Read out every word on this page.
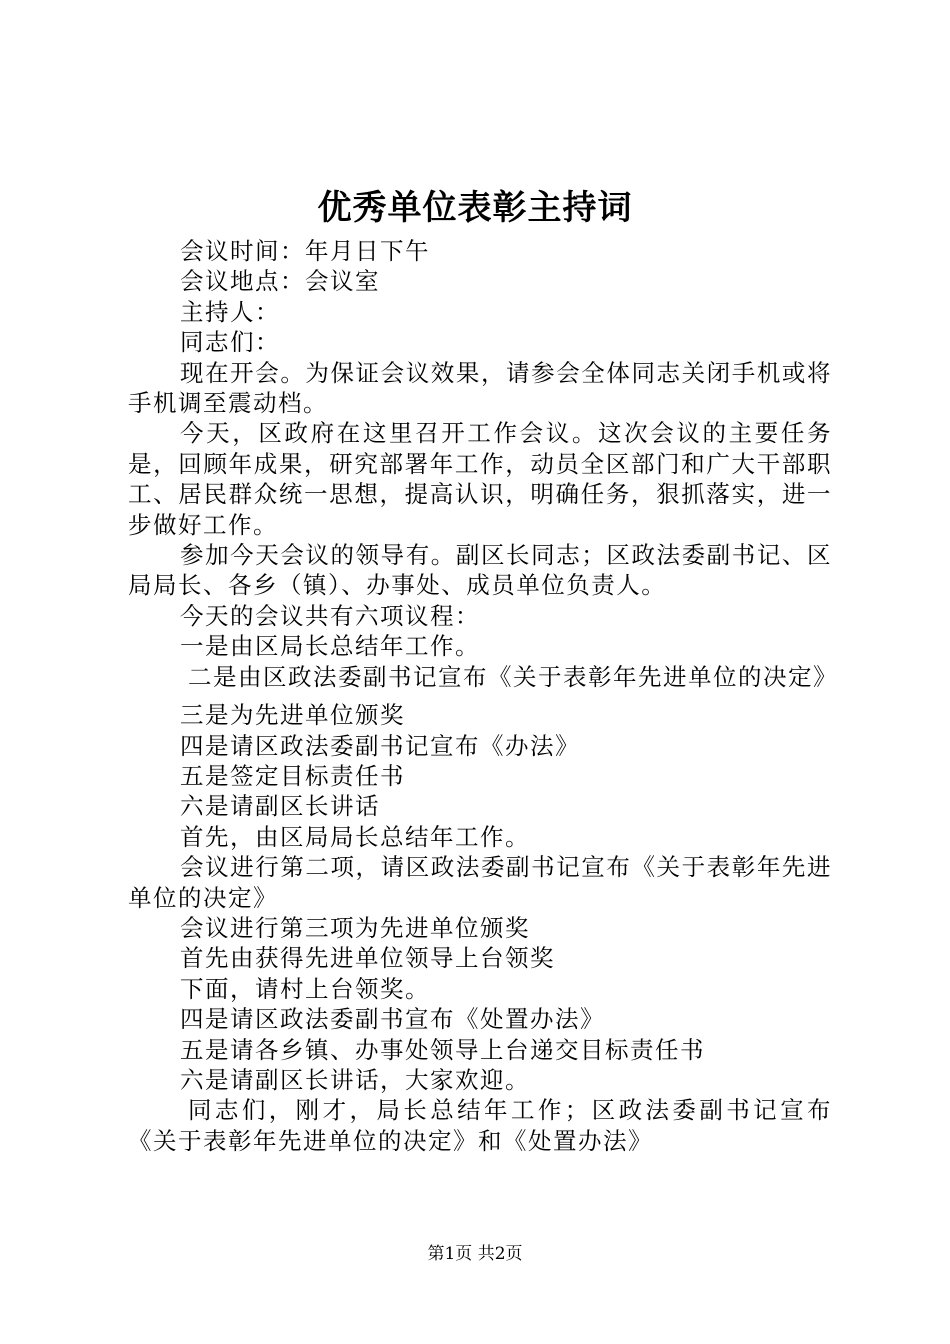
优秀单位表彰主持词

会议时间：年月日下午

会议地点：会议室

主持人：

同志们：

现在开会。为保证会议效果，请参会全体同志关闭手机或将手机调至震动档。

今天，区政府在这里召开工作会议。这次会议的主要任务是，回顾年成果，研究部署年工作，动员全区部门和广大干部职工、居民群众统一思想，提高认识，明确任务，狠抓落实，进一步做好工作。

参加今天会议的领导有。副区长同志；区政法委副书记、区局局长、各乡（镇）、办事处、成员单位负责人。

今天的会议共有六项议程：

一是由区局长总结年工作。

二是由区政法委副书记宣布《关于表彰年先进单位的决定》

三是为先进单位颁奖

四是请区政法委副书记宣布《办法》

五是签定目标责任书

六是请副区长讲话

首先，由区局局长总结年工作。

会议进行第二项，请区政法委副书记宣布《关于表彰年先进单位的决定》

会议进行第三项为先进单位颁奖

首先由获得先进单位领导上台领奖

下面，请村上台领奖。

四是请区政法委副书宣布《处置办法》

五是请各乡镇、办事处领导上台递交目标责任书

六是请副区长讲话，大家欢迎。

同志们，刚才，局长总结年工作；区政法委副书记宣布《关于表彰年先进单位的决定》和《处置办法》

第1页 共2页
